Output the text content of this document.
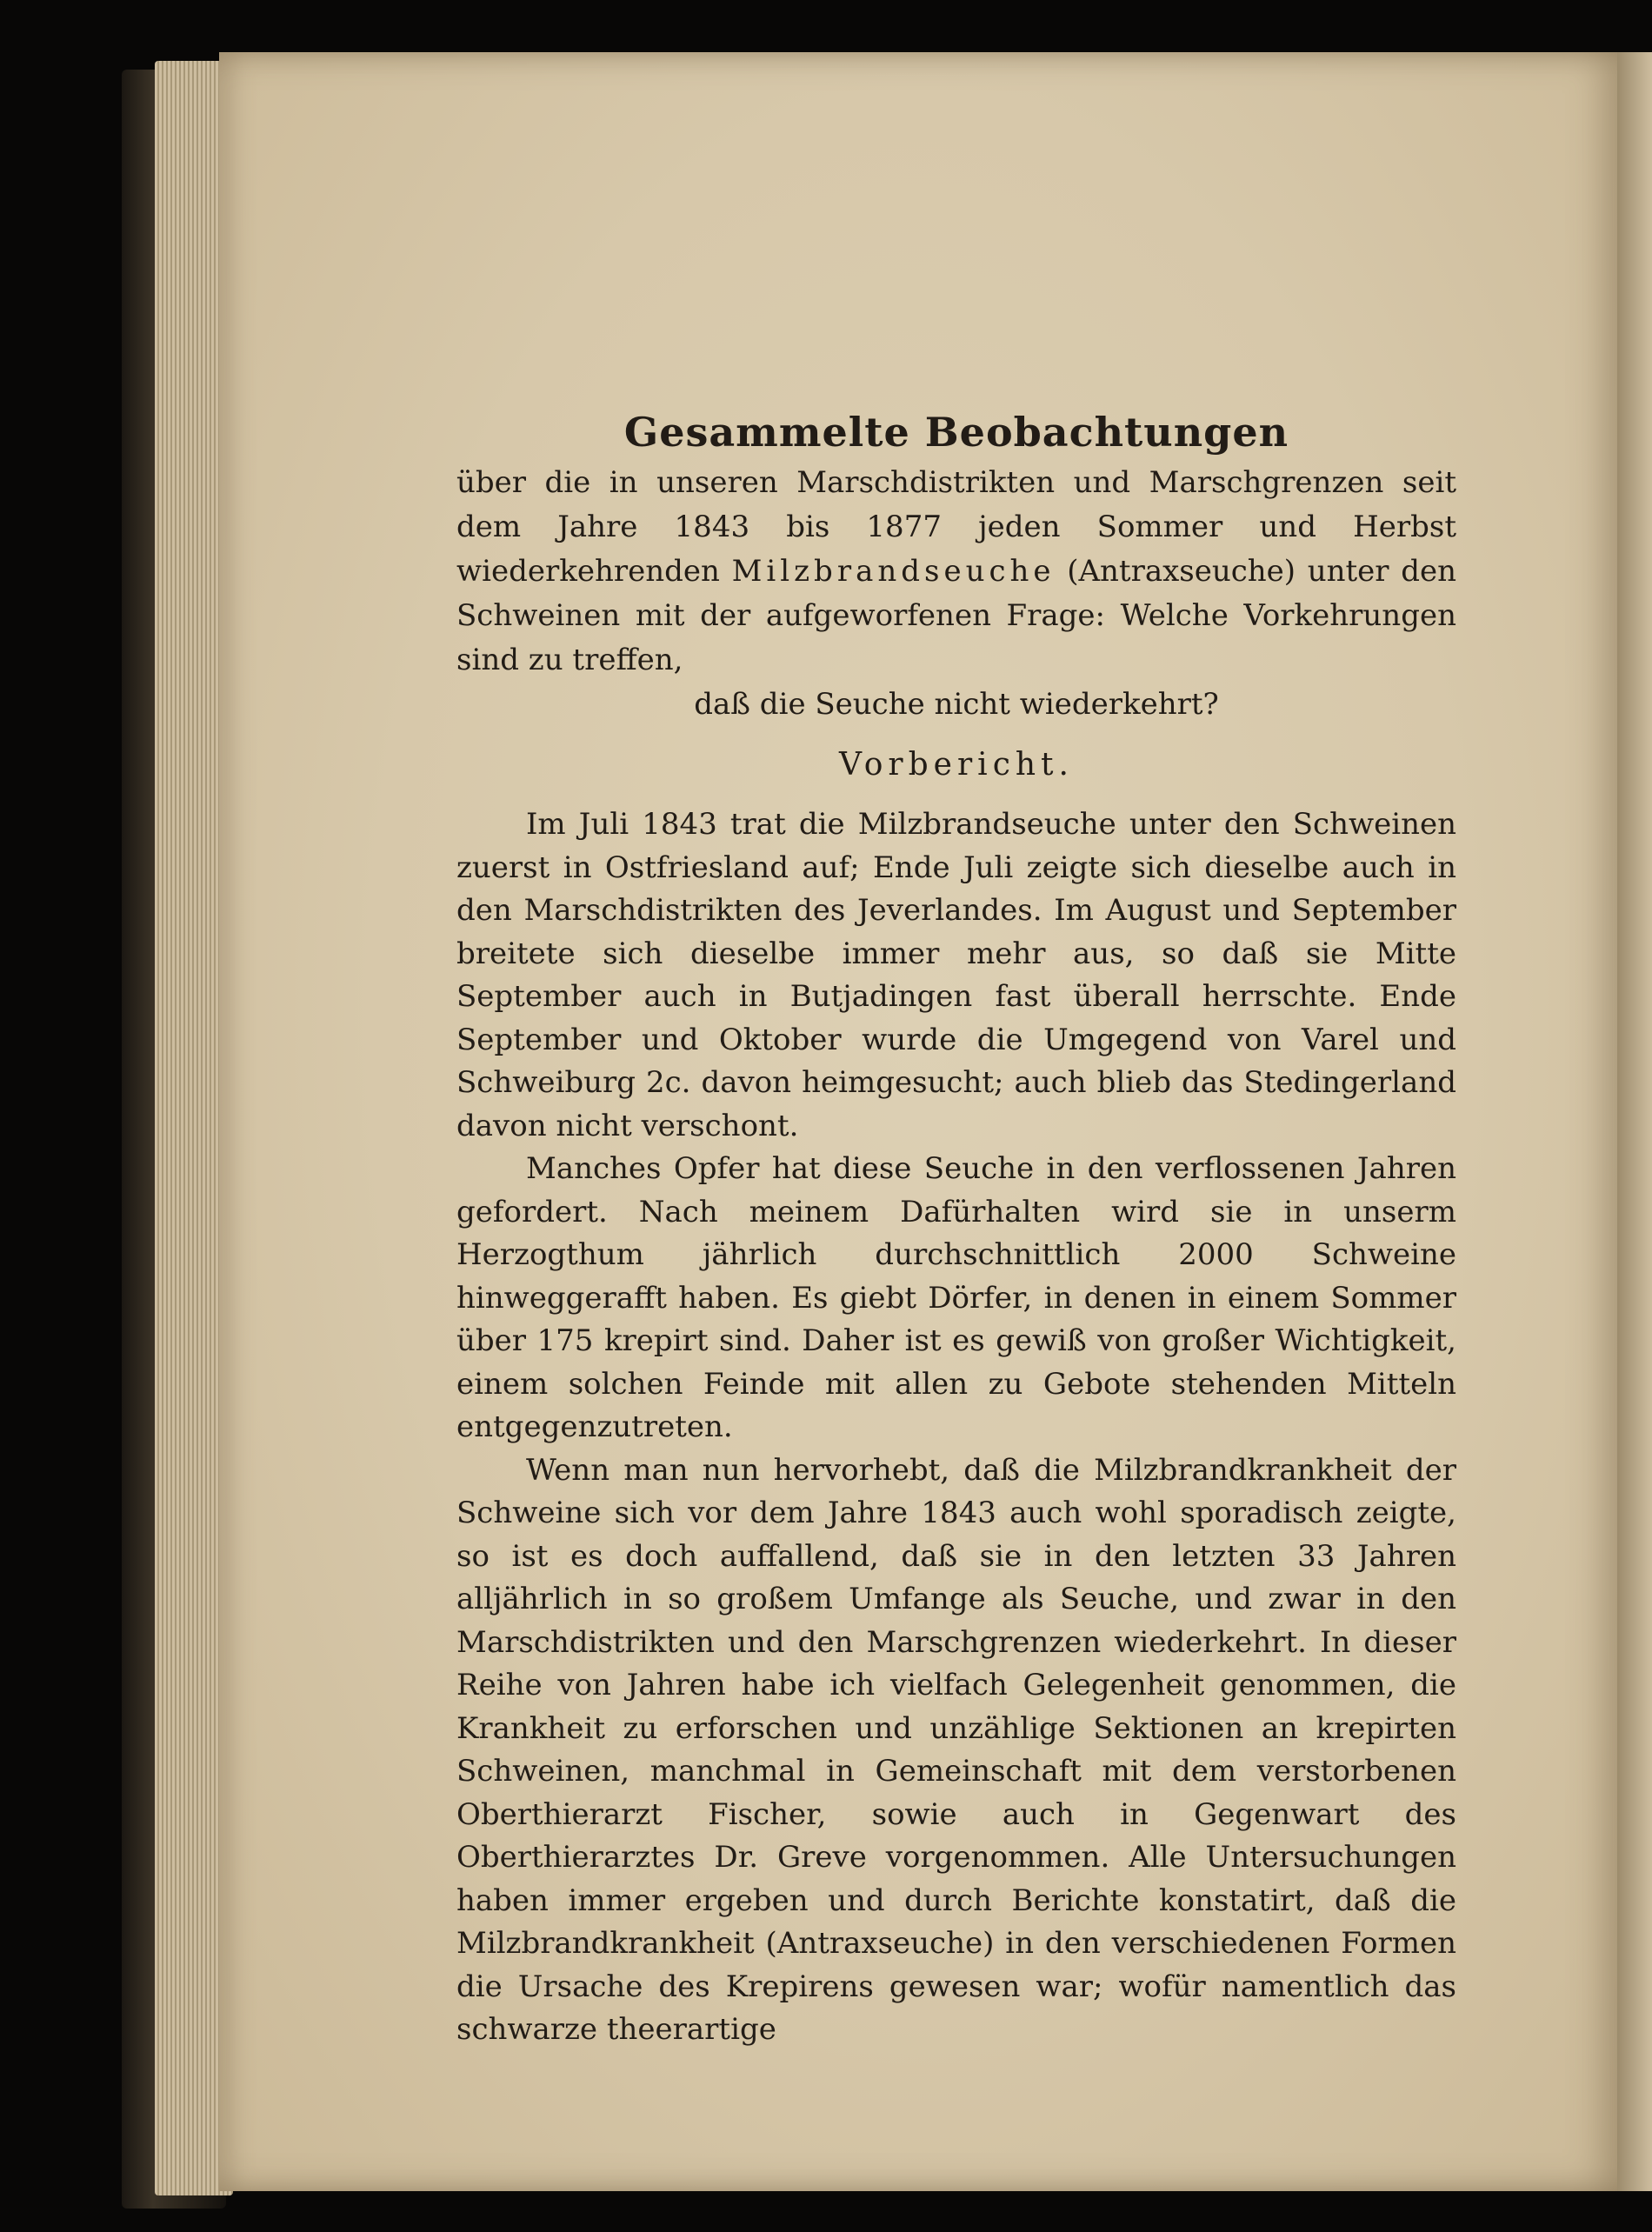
Gesammelte Beobachtungen

über die in unseren Marschdistrikten und Marschgrenzen seit dem Jahre 1843 bis 1877 jeden Sommer und Herbst wiederkehrenden Milzbrandseuche (Antraxseuche) unter den Schweinen mit der aufgeworfenen Frage: Welche Vorkehrungen sind zu treffen,

daß die Seuche nicht wiederkehrt?

Vorbericht.

Im Juli 1843 trat die Milzbrandseuche unter den Schweinen zuerst in Ostfriesland auf; Ende Juli zeigte sich dieselbe auch in den Marschdistrikten des Jeverlandes. Im August und September breitete sich dieselbe immer mehr aus, so daß sie Mitte September auch in Butjadingen fast überall herrschte. Ende September und Oktober wurde die Umgegend von Varel und Schweiburg 2c. davon heimgesucht; auch blieb das Stedingerland davon nicht verschont.

Manches Opfer hat diese Seuche in den verflossenen Jahren gefordert. Nach meinem Dafürhalten wird sie in unserm Herzogthum jährlich durchschnittlich 2000 Schweine hinweggerafft haben. Es giebt Dörfer, in denen in einem Sommer über 175 krepirt sind. Daher ist es gewiß von großer Wichtigkeit, einem solchen Feinde mit allen zu Gebote stehenden Mitteln entgegenzutreten.

Wenn man nun hervorhebt, daß die Milzbrandkrankheit der Schweine sich vor dem Jahre 1843 auch wohl sporadisch zeigte, so ist es doch auffallend, daß sie in den letzten 33 Jahren alljährlich in so großem Umfange als Seuche, und zwar in den Marschdistrikten und den Marschgrenzen wiederkehrt. In dieser Reihe von Jahren habe ich vielfach Gelegenheit genommen, die Krankheit zu erforschen und unzählige Sektionen an krepirten Schweinen, manchmal in Gemeinschaft mit dem verstorbenen Oberthierarzt Fischer, sowie auch in Gegenwart des Oberthierarztes Dr. Greve vorgenommen. Alle Untersuchungen haben immer ergeben und durch Berichte konstatirt, daß die Milzbrandkrankheit (Antraxseuche) in den verschiedenen Formen die Ursache des Krepirens gewesen war; wofür namentlich das schwarze theerartige
